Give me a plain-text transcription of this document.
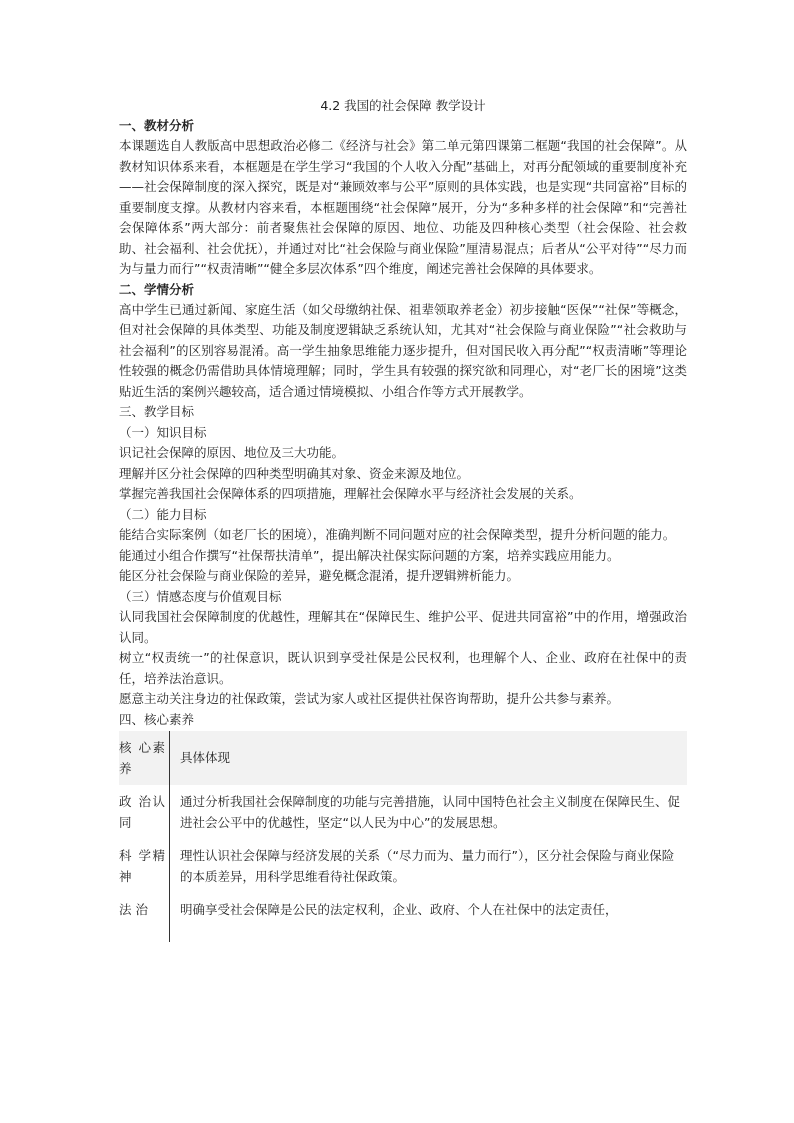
4.2 我国的社会保障 教学设计
一、教材分析

本课题选自人教版高中思想政治必修二《经济与社会》第二单元第四课第二框题“我国的社会保障”。从教材知识体系来看，本框题是在学生学习“我国的个人收入分配”基础上，对再分配领域的重要制度补充——社会保障制度的深入探究，既是对“兼顾效率与公平”原则的具体实践，也是实现“共同富裕”目标的重要制度支撑。从教材内容来看，本框题围绕“社会保障”展开，分为“多种多样的社会保障”和“完善社会保障体系”两大部分：前者聚焦社会保障的原因、地位、功能及四种核心类型（社会保险、社会救助、社会福利、社会优抚），并通过对比“社会保险与商业保险”厘清易混点；后者从“公平对待”“尽力而为与量力而行”“权责清晰”“健全多层次体系”四个维度，阐述完善社会保障的具体要求。

二、学情分析

高中学生已通过新闻、家庭生活（如父母缴纳社保、祖辈领取养老金）初步接触“医保”“社保”等概念，但对社会保障的具体类型、功能及制度逻辑缺乏系统认知，尤其对“社会保险与商业保险”“社会救助与社会福利”的区别容易混淆。高一学生抽象思维能力逐步提升，但对国民收入再分配”“权责清晰”等理论性较强的概念仍需借助具体情境理解；同时，学生具有较强的探究欲和同理心，对“老厂长的困境”这类贴近生活的案例兴趣较高，适合通过情境模拟、小组合作等方式开展教学。

三、教学目标
（一）知识目标

识记社会保障的原因、地位及三大功能。

理解并区分社会保障的四种类型明确其对象、资金来源及地位。

掌握完善我国社会保障体系的四项措施，理解社会保障水平与经济社会发展的关系。

（二）能力目标

能结合实际案例（如老厂长的困境），准确判断不同问题对应的社会保障类型，提升分析问题的能力。

能通过小组合作撰写“社保帮扶清单”，提出解决社保实际问题的方案，培养实践应用能力。

能区分社会保险与商业保险的差异，避免概念混淆，提升逻辑辨析能力。

（三）情感态度与价值观目标

认同我国社会保障制度的优越性，理解其在“保障民生、维护公平、促进共同富裕”中的作用，增强政治认同。

树立“权责统一”的社保意识，既认识到享受社保是公民权利，也理解个人、企业、政府在社保中的责任，培养法治意识。

愿意主动关注身边的社保政策，尝试为家人或社区提供社保咨询帮助，提升公共参与素养。

四、核心素养
核 心素养	具体体现
政 治认同	通过分析我国社会保障制度的功能与完善措施，认同中国特色社会主义制度在保障民生、促进社会公平中的优越性，坚定“以人民为中心”的发展思想。
科 学精神	理性认识社会保障与经济发展的关系（“尽力而为、量力而行”），区分社会保险与商业保险的本质差异，用科学思维看待社保政策。

法 治	明确享受社会保障是公民的法定权利，企业、政府、个人在社保中的法定责任，
